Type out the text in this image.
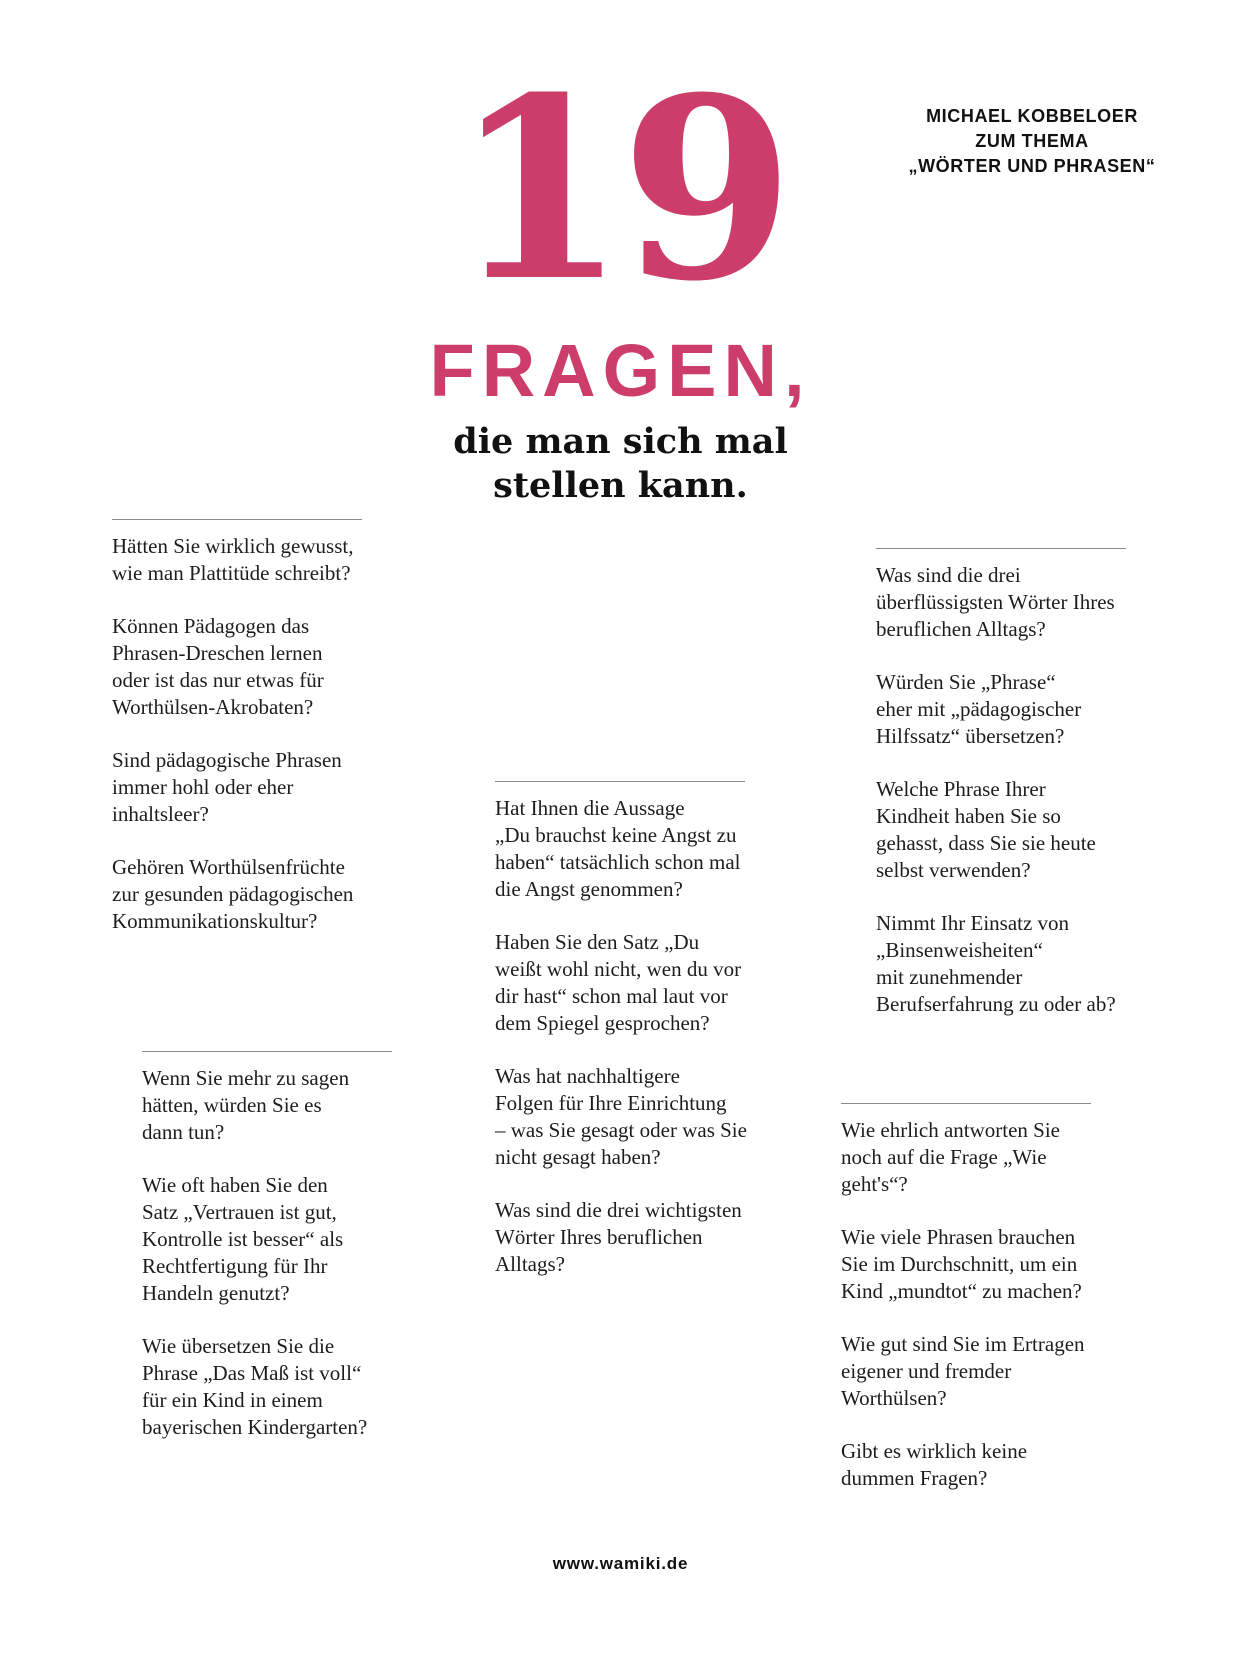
MICHAEL KOBBELOER
ZUM THEMA
„WÖRTER UND PHRASEN“
19
FRAGEN,
die man sich mal
stellen kann.
Hätten Sie wirklich gewusst,
wie man Plattitüde schreibt?
Können Pädagogen das
Phrasen-Dreschen lernen
oder ist das nur etwas für
Worthülsen-Akrobaten?
Sind pädagogische Phrasen
immer hohl oder eher
inhaltsleer?
Gehören Worthülsenfrüchte
zur gesunden pädagogischen
Kommunikationskultur?
Wenn Sie mehr zu sagen
hätten, würden Sie es
dann tun?
Wie oft haben Sie den
Satz „Vertrauen ist gut,
Kontrolle ist besser“ als
Rechtfertigung für Ihr
Handeln genutzt?
Wie übersetzen Sie die
Phrase „Das Maß ist voll“
für ein Kind in einem
bayerischen Kindergarten?
Hat Ihnen die Aussage
„Du brauchst keine Angst zu
haben“ tatsächlich schon mal
die Angst genommen?
Haben Sie den Satz „Du
weißt wohl nicht, wen du vor
dir hast“ schon mal laut vor
dem Spiegel gesprochen?
Was hat nachhaltigere
Folgen für Ihre Einrichtung
– was Sie gesagt oder was Sie
nicht gesagt haben?
Was sind die drei wichtigsten
Wörter Ihres beruflichen
Alltags?
Was sind die drei
überflüssigsten Wörter Ihres
beruflichen Alltags?
Würden Sie „Phrase“
eher mit „pädagogischer
Hilfssatz“ übersetzen?
Welche Phrase Ihrer
Kindheit haben Sie so
gehasst, dass Sie sie heute
selbst verwenden?
Nimmt Ihr Einsatz von
„Binsenweisheiten“
mit zunehmender
Berufserfahrung zu oder ab?
Wie ehrlich antworten Sie
noch auf die Frage „Wie
geht's“?
Wie viele Phrasen brauchen
Sie im Durchschnitt, um ein
Kind „mundtot“ zu machen?
Wie gut sind Sie im Ertragen
eigener und fremder
Worthülsen?
Gibt es wirklich keine
dummen Fragen?
www.wamiki.de
